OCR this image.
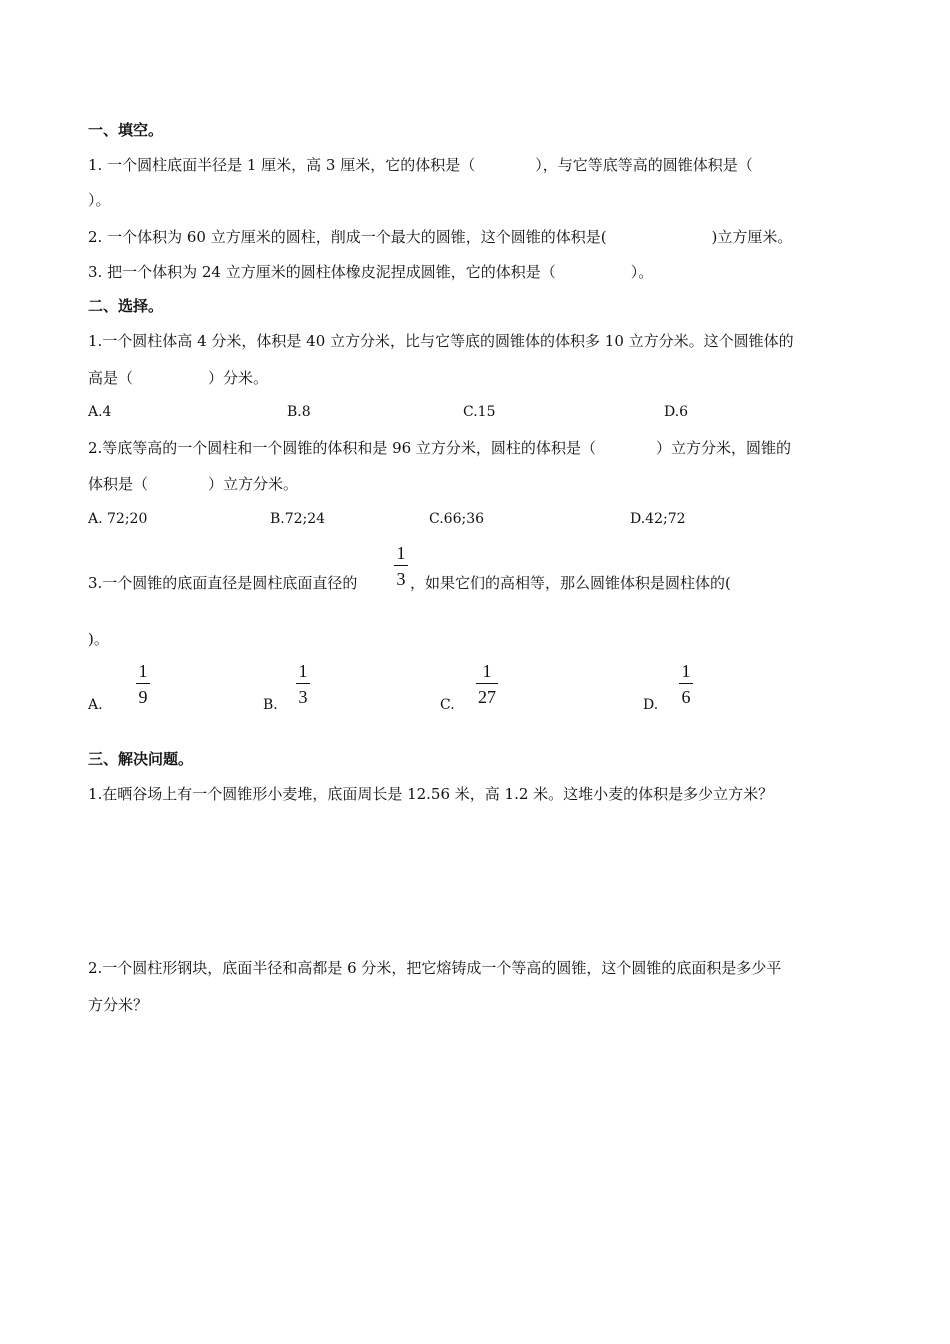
一、填空。
1. 一个圆柱底面半径是 1 厘米，高 3 厘米，它的体积是（　　　　），与它等底等高的圆锥体积是（
）。
2. 一个体积为 60 立方厘米的圆柱，削成一个最大的圆锥，这个圆锥的体积是(　　　　　　　)立方厘米。
3. 把一个体积为 24 立方厘米的圆柱体橡皮泥捏成圆锥，它的体积是（　　　　　）。
二、选择。
1.一个圆柱体高 4 分米，体积是 40 立方分米，比与它等底的圆锥体的体积多 10 立方分米。这个圆锥体的
高是（　　　　　）分米。
A.4	B.8	C.15	D.6
2.等底等高的一个圆柱和一个圆锥的体积和是 96 立方分米，圆柱的体积是（　　　　）立方分米，圆锥的
体积是（　　　　）立方分米。
A. 72;20	B.72;24	C.66;36	D.42;72
3.一个圆锥的底面直径是圆柱底面直径的
1
3 ，如果它们的高相等，那么圆锥体积是圆柱体的(
)。
A.
1
9	B.
1
3	C.
1
27	D.
1
6
三、解决问题。
1.在晒谷场上有一个圆锥形小麦堆，底面周长是 12.56 米，高 1.2 米。这堆小麦的体积是多少立方米？
2.一个圆柱形钢块，底面半径和高都是 6 分米，把它熔铸成一个等高的圆锥，这个圆锥的底面积是多少平
方分米？
